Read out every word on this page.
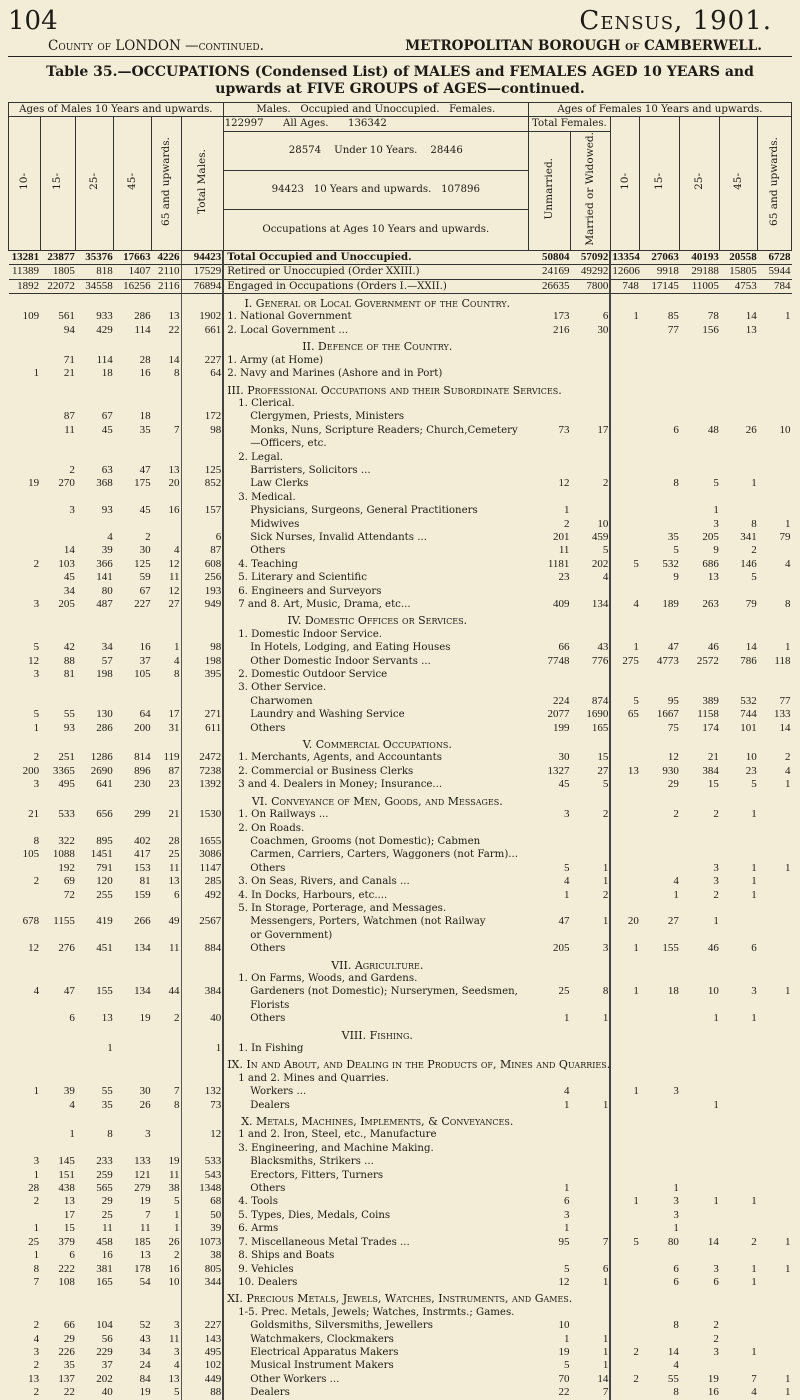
104	Census, 1901.
County of LONDON —continued.	METROPOLITAN BOROUGH of CAMBERWELL.
Table 35.—OCCUPATIONS (Condensed List) of MALES and FEMALES AGED 10 YEARS and
upwards at FIVE GROUPS of AGES—continued.
Ages of Males 10 Years and upwards.						Males. Occupied and Unoccupied. Females.	Ages of Females 10 Years and upwards.						
10-	15-	25-	45-	65 and upwards.	Total Males.	122997 All Ages. 136342	Total Females.		10-	15-	25-	45-	65 and upwards.
						28574 Under 10 Years. 28446	Unmarried.	Married or Widowed.					
						94423 10 Years and upwards. 107896							
						Occupations at Ages 10 Years and upwards.							
13281	23877	35376	17663	4226	94423	Total Occupied and Unoccupied.	50804	57092	13354	27063	40193	20558	6728
11389	1805	818	1407	2110	17529	Retired or Unoccupied (Order XXIII.)	24169	49292	12606	9918	29188	15805	5944
1892	22072	34558	16256	2116	76894	Engaged in Occupations (Orders I.—XXII.)	26635	7800	748	17145	11005	4753	784
						I. General or Local Government of the Country.							
109	561	933	286	13	1902	1. National Government	173	6	1	85	78	14	1
	94	429	114	22	661	2. Local Government ...	216	30		77	156	13	
						II. Defence of the Country.							
	71	114	28	14	227	1. Army (at Home)							
1	21	18	16	8	64	2. Navy and Marines (Ashore and in Port)							
						III. Professional Occupations and their Subordinate Services.							
						1. Clerical.							
	87	67	18		172	Clergymen, Priests, Ministers							
	11	45	35	7	98	Monks, Nuns, Scripture Readers; Church,Cemetery	73	17		6	48	26	10
						—Officers, etc.							
						2. Legal.							
	2	63	47	13	125	Barristers, Solicitors ...							
19	270	368	175	20	852	Law Clerks	12	2		8	5	1	
						3. Medical.							
	3	93	45	16	157	Physicians, Surgeons, General Practitioners	1				1		
						Midwives	2	10			3	8	1
		4	2		6	Sick Nurses, Invalid Attendants ...	201	459		35	205	341	79
	14	39	30	4	87	Others	11	5		5	9	2	
2	103	366	125	12	608	4. Teaching	1181	202	5	532	686	146	4
	45	141	59	11	256	5. Literary and Scientific	23	4		9	13	5	
	34	80	67	12	193	6. Engineers and Surveyors							
3	205	487	227	27	949	7 and 8. Art, Music, Drama, etc...	409	134	4	189	263	79	8
						IV. Domestic Offices or Services.							
						1. Domestic Indoor Service.							
5	42	34	16	1	98	In Hotels, Lodging, and Eating Houses	66	43	1	47	46	14	1
12	88	57	37	4	198	Other Domestic Indoor Servants ...	7748	776	275	4773	2572	786	118
3	81	198	105	8	395	2. Domestic Outdoor Service							
						3. Other Service.							
						Charwomen	224	874	5	95	389	532	77
5	55	130	64	17	271	Laundry and Washing Service	2077	1690	65	1667	1158	744	133
1	93	286	200	31	611	Others	199	165		75	174	101	14
						V. Commercial Occupations.							
2	251	1286	814	119	2472	1. Merchants, Agents, and Accountants	30	15		12	21	10	2
200	3365	2690	896	87	7238	2. Commercial or Business Clerks	1327	27	13	930	384	23	4
3	495	641	230	23	1392	3 and 4. Dealers in Money; Insurance...	45	5		29	15	5	1
						VI. Conveyance of Men, Goods, and Messages.							
21	533	656	299	21	1530	1. On Railways ...	3	2		2	2	1	
						2. On Roads.							
8	322	895	402	28	1655	Coachmen, Grooms (not Domestic); Cabmen							
105	1088	1451	417	25	3086	Carmen, Carriers, Carters, Waggoners (not Farm)...							
	192	791	153	11	1147	Others	5	1			3	1	1
2	69	120	81	13	285	3. On Seas, Rivers, and Canals ...	4	1		4	3	1	
	72	255	159	6	492	4. In Docks, Harbours, etc....	1	2		1	2	1	
						5. In Storage, Porterage, and Messages.							
678	1155	419	266	49	2567	Messengers, Porters, Watchmen (not Railway	47	1	20	27	1		
						or Government)							
12	276	451	134	11	884	Others	205	3	1	155	46	6	
						VII. Agriculture.							
						1. On Farms, Woods, and Gardens.							
4	47	155	134	44	384	Gardeners (not Domestic); Nurserymen, Seedsmen,	25	8	1	18	10	3	1
						Florists							
	6	13	19	2	40	Others	1	1			1	1	
						VIII. Fishing.							
		1			1	1. In Fishing							
						IX. In and About, and Dealing in the Products of, Mines and Quarries.							
						1 and 2. Mines and Quarries.							
1	39	55	30	7	132	Workers ...	4		1	3			
	4	35	26	8	73	Dealers	1	1			1		
						X. Metals, Machines, Implements, & Conveyances.							
	1	8	3		12	1 and 2. Iron, Steel, etc., Manufacture							
						3. Engineering, and Machine Making.							
3	145	233	133	19	533	Blacksmiths, Strikers ...							
1	151	259	121	11	543	Erectors, Fitters, Turners							
28	438	565	279	38	1348	Others	1			1			
2	13	29	19	5	68	4. Tools	6		1	3	1	1	
	17	25	7	1	50	5. Types, Dies, Medals, Coins	3			3			
1	15	11	11	1	39	6. Arms	1			1			
25	379	458	185	26	1073	7. Miscellaneous Metal Trades ...	95	7	5	80	14	2	1
1	6	16	13	2	38	8. Ships and Boats							
8	222	381	178	16	805	9. Vehicles	5	6		6	3	1	1
7	108	165	54	10	344	10. Dealers	12	1		6	6	1	
						XI. Precious Metals, Jewels, Watches, Instruments, and Games.							
						1-5. Prec. Metals, Jewels; Watches, Instrmts.; Games.							
2	66	104	52	3	227	Goldsmiths, Silversmiths, Jewellers	10			8	2		
4	29	56	43	11	143	Watchmakers, Clockmakers	1	1			2		
3	226	229	34	3	495	Electrical Apparatus Makers	19	1	2	14	3	1	
2	35	37	24	4	102	Musical Instrument Makers	5	1		4			
13	137	202	84	13	449	Other Workers ...	70	14	2	55	19	7	1
2	22	40	19	5	88	Dealers	22	7		8	16	4	1
